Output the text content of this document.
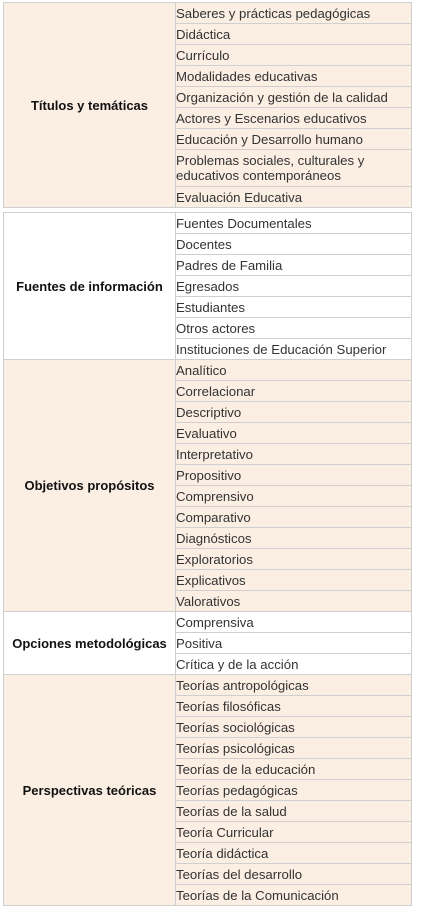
Títulos y temáticas	Saberes y prácticas pedagógicas
	Didáctica
	Currículo
	Modalidades educativas
	Organización y gestión de la calidad
	Actores y Escenarios educativos
	Educación y Desarrollo humano
	Problemas sociales, culturales y educativos contemporáneos
	Evaluación Educativa

Fuentes de información	Fuentes Documentales
	Docentes
	Padres de Familia
	Egresados
	Estudiantes
	Otros actores
	Instituciones de Educación Superior
Objetivos propósitos	Analítico
	Correlacionar
	Descriptivo
	Evaluativo
	Interpretativo
	Propositivo
	Comprensivo
	Comparativo
	Diagnósticos
	Exploratorios
	Explicativos
	Valorativos
Opciones metodológicas	Comprensiva
	Positiva
	Crítica y de la acción
Perspectivas teóricas	Teorías antropológicas
	Teorías filosóficas
	Teorías sociológicas
	Teorías psicológicas
	Teorías de la educación
	Teorías pedagógicas
	Teorías de la salud
	Teoría Curricular
	Teoría didáctica
	Teorías del desarrollo
	Teorías de la Comunicación
